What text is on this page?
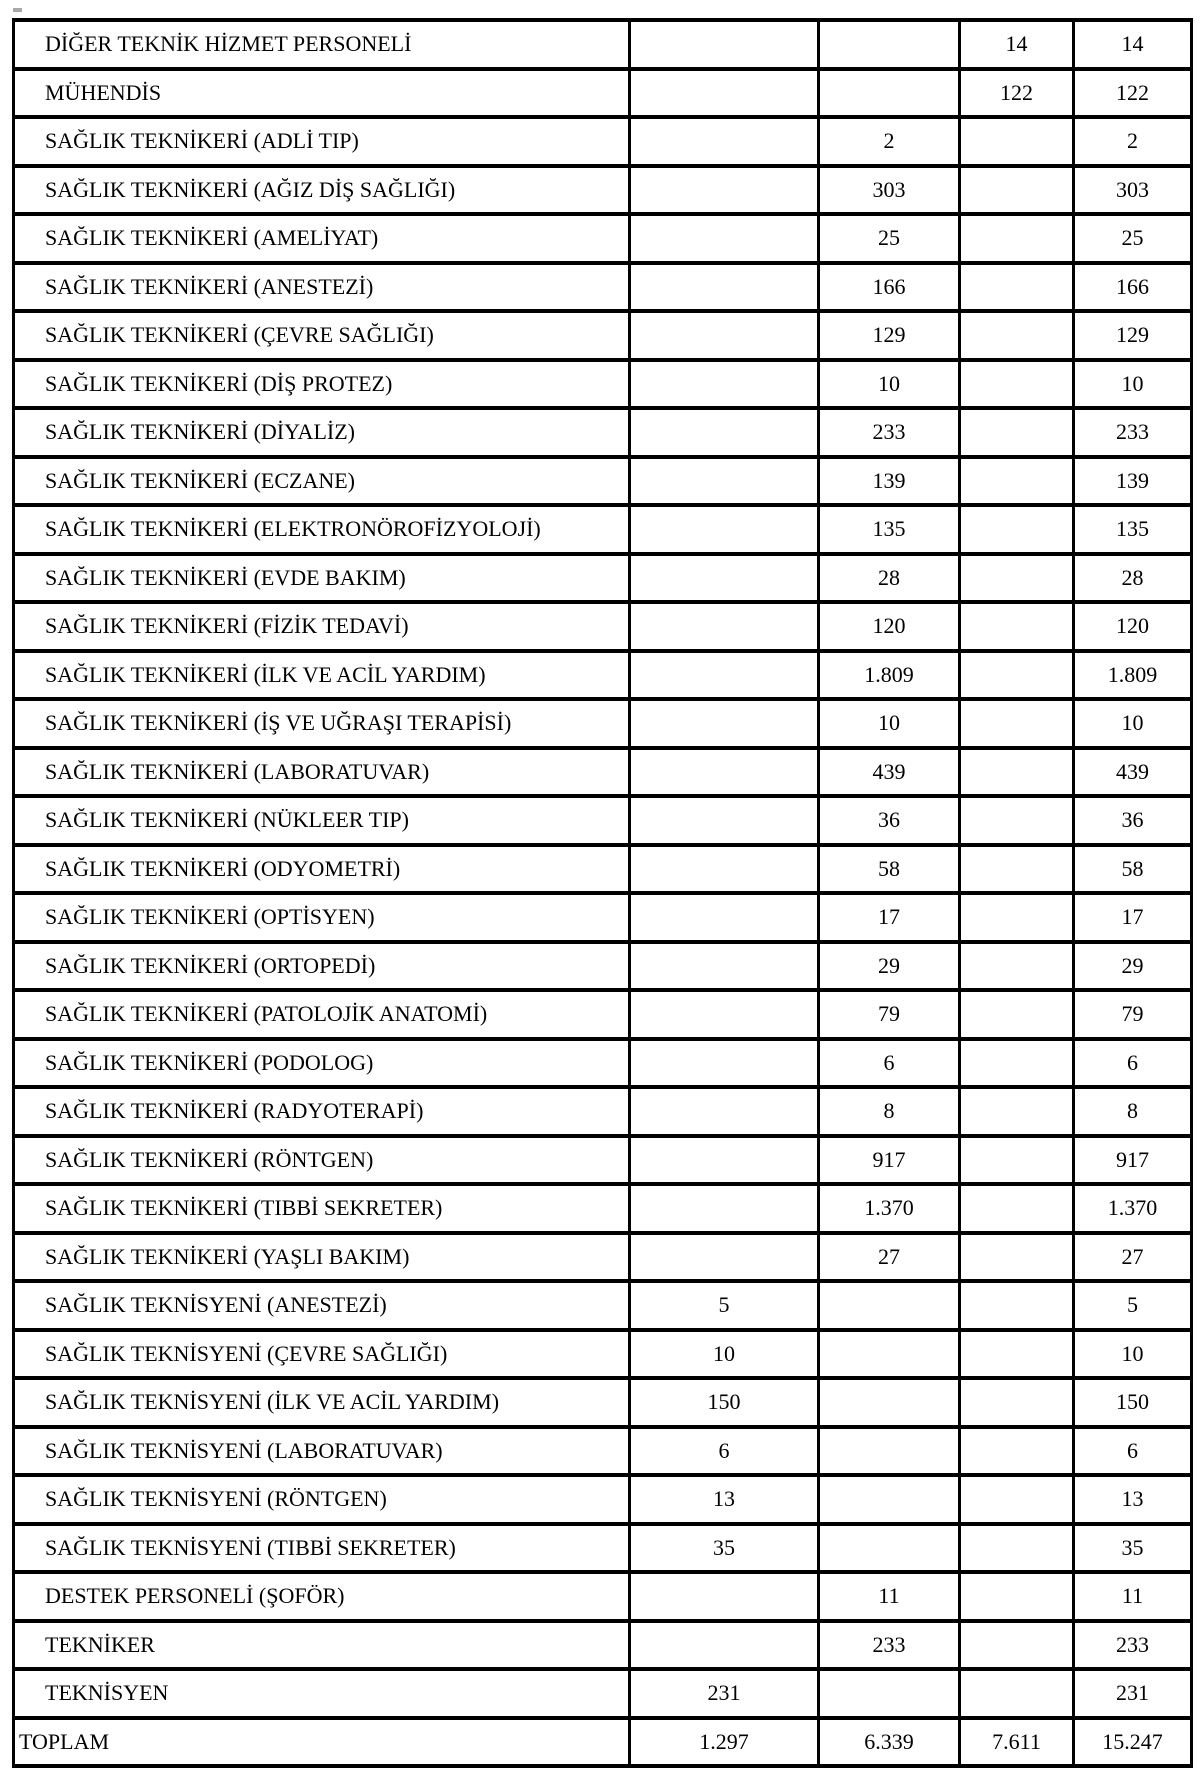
DİĞER TEKNİK HİZMET PERSONELİ			14	14
MÜHENDİS			122	122
SAĞLIK TEKNİKERİ (ADLİ TIP)		2		2
SAĞLIK TEKNİKERİ (AĞIZ DİŞ SAĞLIĞI)		303		303
SAĞLIK TEKNİKERİ (AMELİYAT)		25		25
SAĞLIK TEKNİKERİ (ANESTEZİ)		166		166
SAĞLIK TEKNİKERİ (ÇEVRE SAĞLIĞI)		129		129
SAĞLIK TEKNİKERİ (DİŞ PROTEZ)		10		10
SAĞLIK TEKNİKERİ (DİYALİZ)		233		233
SAĞLIK TEKNİKERİ (ECZANE)		139		139
SAĞLIK TEKNİKERİ (ELEKTRONÖROFİZYOLOJİ)		135		135
SAĞLIK TEKNİKERİ (EVDE BAKIM)		28		28
SAĞLIK TEKNİKERİ (FİZİK TEDAVİ)		120		120
SAĞLIK TEKNİKERİ (İLK VE ACİL YARDIM)		1.809		1.809
SAĞLIK TEKNİKERİ (İŞ VE UĞRAŞI TERAPİSİ)		10		10
SAĞLIK TEKNİKERİ (LABORATUVAR)		439		439
SAĞLIK TEKNİKERİ (NÜKLEER TIP)		36		36
SAĞLIK TEKNİKERİ (ODYOMETRİ)		58		58
SAĞLIK TEKNİKERİ (OPTİSYEN)		17		17
SAĞLIK TEKNİKERİ (ORTOPEDİ)		29		29
SAĞLIK TEKNİKERİ (PATOLOJİK ANATOMİ)		79		79
SAĞLIK TEKNİKERİ (PODOLOG)		6		6
SAĞLIK TEKNİKERİ (RADYOTERAPİ)		8		8
SAĞLIK TEKNİKERİ (RÖNTGEN)		917		917
SAĞLIK TEKNİKERİ (TIBBİ SEKRETER)		1.370		1.370
SAĞLIK TEKNİKERİ (YAŞLI BAKIM)		27		27
SAĞLIK TEKNİSYENİ (ANESTEZİ)	5			5
SAĞLIK TEKNİSYENİ (ÇEVRE SAĞLIĞI)	10			10
SAĞLIK TEKNİSYENİ (İLK VE ACİL YARDIM)	150			150
SAĞLIK TEKNİSYENİ (LABORATUVAR)	6			6
SAĞLIK TEKNİSYENİ (RÖNTGEN)	13			13
SAĞLIK TEKNİSYENİ (TIBBİ SEKRETER)	35			35
DESTEK PERSONELİ (ŞOFÖR)		11		11
TEKNİKER		233		233
TEKNİSYEN	231			231
TOPLAM	1.297	6.339	7.611	15.247
